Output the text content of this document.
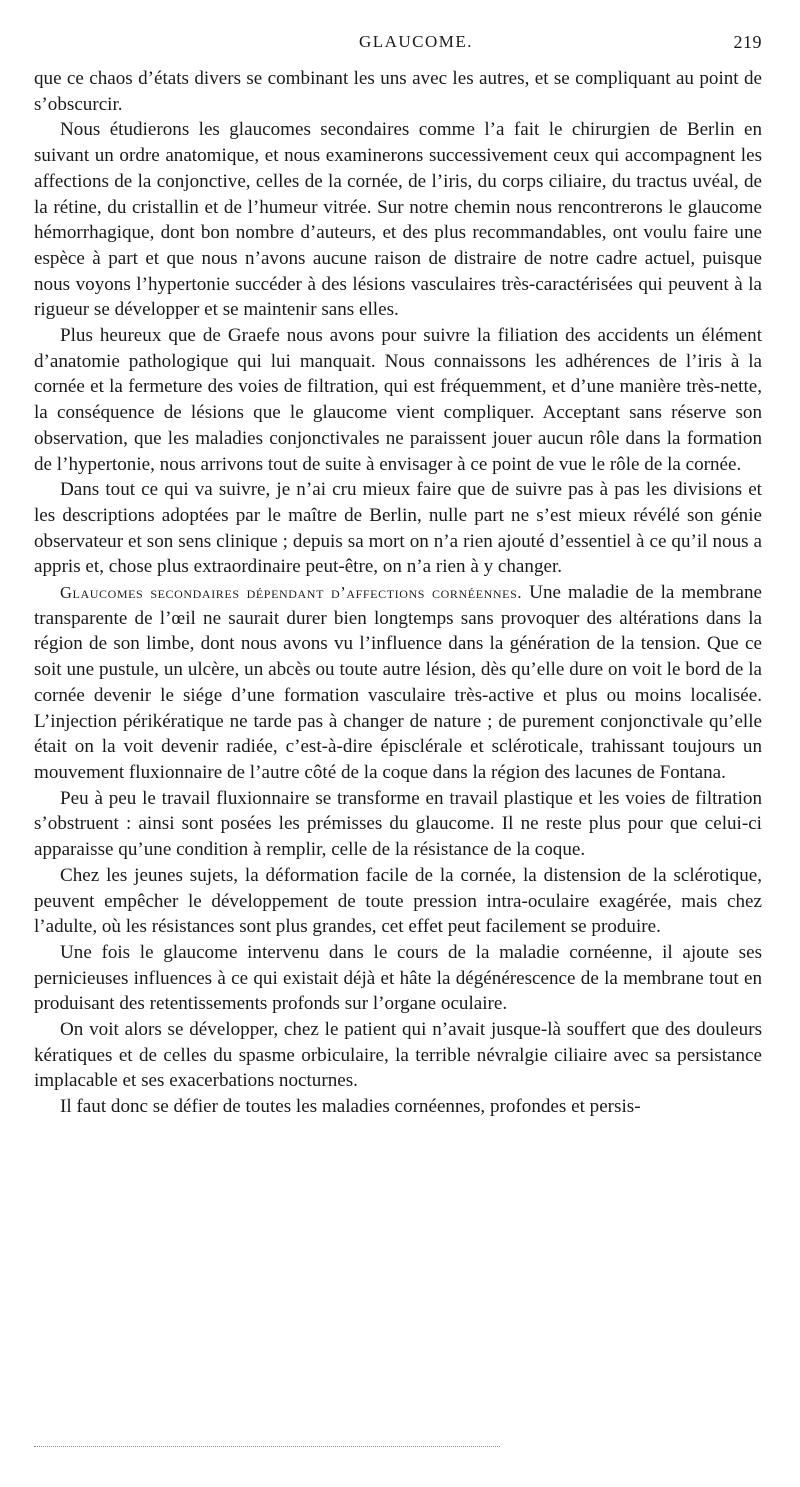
GLAUCOME.	219

que ce chaos d’états divers se combinant les uns avec les autres, et se compliquant au point de s’obscurcir.

Nous étudierons les glaucomes secondaires comme l’a fait le chirurgien de Berlin en suivant un ordre anatomique, et nous examinerons successivement ceux qui accompagnent les affections de la conjonctive, celles de la cornée, de l’iris, du corps ciliaire, du tractus uvéal, de la rétine, du cristallin et de l’humeur vitrée. Sur notre chemin nous rencontrerons le glaucome hémorrhagique, dont bon nombre d’auteurs, et des plus recommandables, ont voulu faire une espèce à part et que nous n’avons aucune raison de distraire de notre cadre actuel, puisque nous voyons l’hypertonie succéder à des lésions vasculaires très-caractérisées qui peuvent à la rigueur se développer et se maintenir sans elles.

Plus heureux que de Graefe nous avons pour suivre la filiation des accidents un élément d’anatomie pathologique qui lui manquait. Nous connaissons les adhérences de l’iris à la cornée et la fermeture des voies de filtration, qui est fréquemment, et d’une manière très-nette, la conséquence de lésions que le glaucome vient compliquer. Acceptant sans réserve son observation, que les maladies conjonctivales ne paraissent jouer aucun rôle dans la formation de l’hypertonie, nous arrivons tout de suite à envisager à ce point de vue le rôle de la cornée.

Dans tout ce qui va suivre, je n’ai cru mieux faire que de suivre pas à pas les divisions et les descriptions adoptées par le maître de Berlin, nulle part ne s’est mieux révélé son génie observateur et son sens clinique ; depuis sa mort on n’a rien ajouté d’essentiel à ce qu’il nous a appris et, chose plus extraordinaire peut-être, on n’a rien à y changer.

Glaucomes secondaires dépendant d’affections cornéennes. Une maladie de la membrane transparente de l’œil ne saurait durer bien longtemps sans provoquer des altérations dans la région de son limbe, dont nous avons vu l’influence dans la génération de la tension. Que ce soit une pustule, un ulcère, un abcès ou toute autre lésion, dès qu’elle dure on voit le bord de la cornée devenir le siége d’une formation vasculaire très-active et plus ou moins localisée. L’injection périkératique ne tarde pas à changer de nature ; de purement conjonctivale qu’elle était on la voit devenir radiée, c’est-à-dire épisclérale et scléroticale, trahissant toujours un mouvement fluxionnaire de l’autre côté de la coque dans la région des lacunes de Fontana.

Peu à peu le travail fluxionnaire se transforme en travail plastique et les voies de filtration s’obstruent : ainsi sont posées les prémisses du glaucome. Il ne reste plus pour que celui-ci apparaisse qu’une condition à remplir, celle de la résistance de la coque.

Chez les jeunes sujets, la déformation facile de la cornée, la distension de la sclérotique, peuvent empêcher le développement de toute pression intra-oculaire exagérée, mais chez l’adulte, où les résistances sont plus grandes, cet effet peut facilement se produire.

Une fois le glaucome intervenu dans le cours de la maladie cornéenne, il ajoute ses pernicieuses influences à ce qui existait déjà et hâte la dégénérescence de la membrane tout en produisant des retentissements profonds sur l’organe oculaire.

On voit alors se développer, chez le patient qui n’avait jusque-là souffert que des douleurs kératiques et de celles du spasme orbiculaire, la terrible névralgie ciliaire avec sa persistance implacable et ses exacerbations nocturnes.

Il faut donc se défier de toutes les maladies cornéennes, profondes et persis-
